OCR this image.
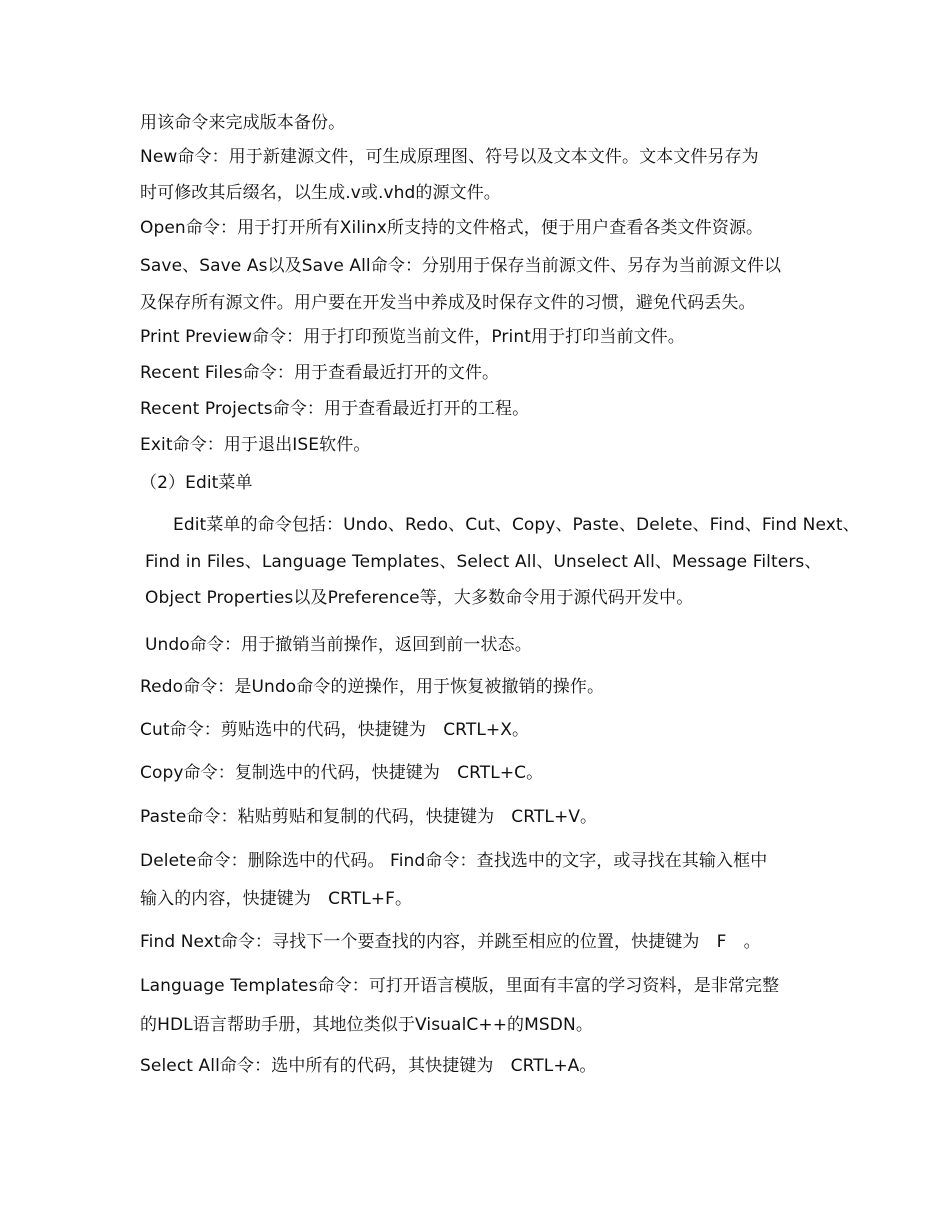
用该命令来完成版本备份。
New命令：用于新建源文件，可生成原理图、符号以及文本文件。文本文件另存为
时可修改其后缀名，以生成.v或.vhd的源文件。
Open命令：用于打开所有Xilinx所支持的文件格式，便于用户查看各类文件资源。
Save、Save As以及Save All命令：分别用于保存当前源文件、另存为当前源文件以
及保存所有源文件。用户要在开发当中养成及时保存文件的习惯，避免代码丢失。
Print Preview命令：用于打印预览当前文件，Print用于打印当前文件。
Recent Files命令：用于查看最近打开的文件。
Recent Projects命令：用于查看最近打开的工程。
Exit命令：用于退出ISE软件。
（2）Edit菜单
Edit菜单的命令包括：Undo、Redo、Cut、Copy、Paste、Delete、Find、Find Next、
Find in Files、Language Templates、Select All、Unselect All、Message Filters、
Object Properties以及Preference等，大多数命令用于源代码开发中。
Undo命令：用于撤销当前操作，返回到前一状态。
Redo命令：是Undo命令的逆操作，用于恢复被撤销的操作。
Cut命令：剪贴选中的代码，快捷键为　CRTL+X。
Copy命令：复制选中的代码，快捷键为　CRTL+C。
Paste命令：粘贴剪贴和复制的代码，快捷键为　CRTL+V。
Delete命令：删除选中的代码。 Find命令：查找选中的文字，或寻找在其输入框中
输入的内容，快捷键为　CRTL+F。
Find Next命令：寻找下一个要查找的内容，并跳至相应的位置，快捷键为　F　。
Language Templates命令：可打开语言模版，里面有丰富的学习资料，是非常完整
的HDL语言帮助手册，其地位类似于VisualC++的MSDN。
Select All命令：选中所有的代码，其快捷键为　CRTL+A。
